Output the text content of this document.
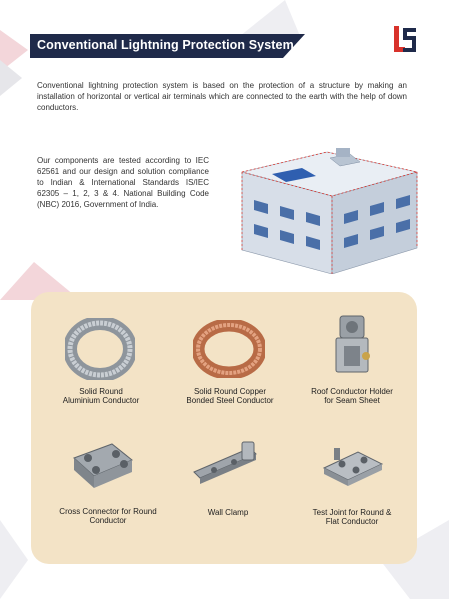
Conventional Lightning Protection System

Conventional lightning protection system is based on the protection of a structure by making an installation of horizontal or vertical air terminals which are connected to the earth with the help of down conductors.

Our components are tested according to IEC 62561 and our design and solution compliance to Indian & International Standards IS/IEC 62305 – 1, 2, 3 & 4. National Building Code (NBC) 2016, Government of India.

Solid Round
Aluminium Conductor
Solid Round Copper
Bonded Steel Conductor
Roof Conductor Holder
for Seam Sheet
Cross Connector for Round
Conductor
Wall Clamp	Test Joint for Round &
Flat Conductor
